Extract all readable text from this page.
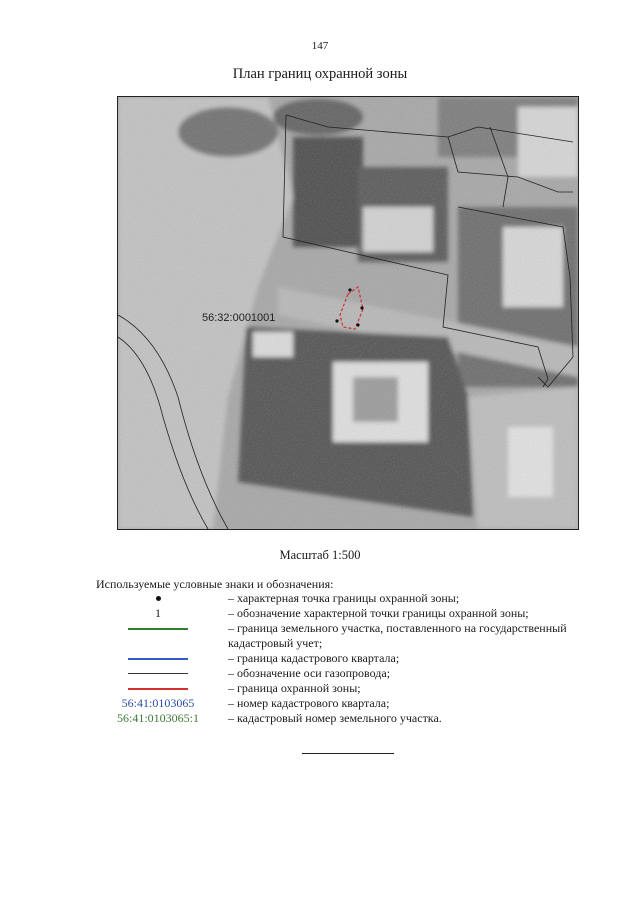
147
План границ охранной зоны
56:32:0001001
Масштаб 1:500
Используемые условные знаки и обозначения:
– характерная точка границы охранной зоны;
1	– обозначение характерной точки границы охранной зоны;
– граница земельного участка, поставленного на государственный кадастровый учет;
– граница кадастрового квартала;
– обозначение оси газопровода;
– граница охранной зоны;
56:41:0103065	– номер кадастрового квартала;
56:41:0103065:1	– кадастровый номер земельного участка.
